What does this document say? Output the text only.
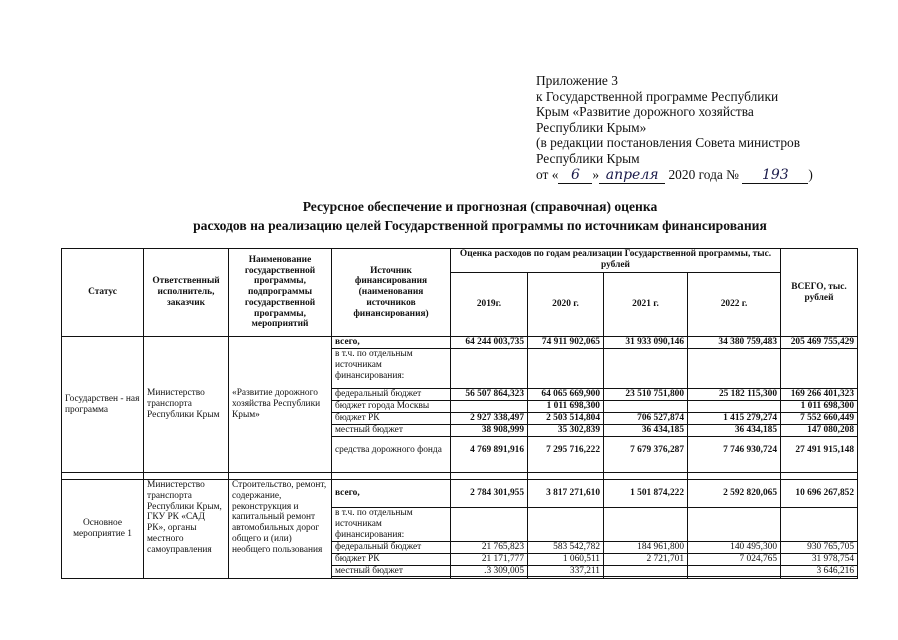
Приложение 3
к Государственной программе Республики
Крым «Развитие дорожного хозяйства
Республики Крым»
(в редакции постановления Совета министров
Республики Крым
от « 6 » апреля 2020 года № 193 )
Ресурсное обеспечение и прогнозная (справочная) оценка
расходов на реализацию целей Государственной программы по источникам финансирования
Статус	Ответственный исполнитель, заказчик	Наименование государственной программы, подпрограммы государственной программы, мероприятий	Источник финансирования (наименования источников финансирования)	Оценка расходов по годам реализации Государственной программы, тыс. рублей				ВСЕГО, тыс. рублей
				2019г.	2020 г.	2021 г.	2022 г.	
Государствен - ная программа	Министерство транспорта Республики Крым	«Развитие дорожного хозяйства Республики Крым»	всего,	64 244 003,735	74 911 902,065	31 933 090,146	34 380 759,483	205 469 755,429
			в т.ч. по отдельным источникам финансирования:					
			федеральный бюджет	56 507 864,323	64 065 669,900	23 510 751,800	25 182 115,300	169 266 401,323
			бюджет города Москвы		1 011 698,300			1 011 698,300
			бюджет РК	2 927 338,497	2 503 514,804	706 527,874	1 415 279,274	7 552 660,449
			местный бюджет	38 908,999	35 302,839	36 434,185	36 434,185	147 080,208
			средства дорожного фонда	4 769 891,916	7 295 716,222	7 679 376,287	7 746 930,724	27 491 915,148

Основное мероприятие 1	Министерство транспорта Республики Крым, ГКУ РК «САД РК», органы местного самоуправления	Строительство, ремонт, содержание, реконструкция и капитальный ремонт автомобильных дорог общего и (или) необщего пользования	всего,	2 784 301,955	3 817 271,610	1 501 874,222	2 592 820,065	10 696 267,852
			в т.ч. по отдельным источникам финансирования:					
			федеральный бюджет	21 765,823	583 542,782	184 961,800	140 495,300	930 765,705
			бюджет РК	21 171,777	1 060,511	2 721,701	7 024,765	31 978,754
			местный бюджет	.3 309,005	337,211			3 646,216
